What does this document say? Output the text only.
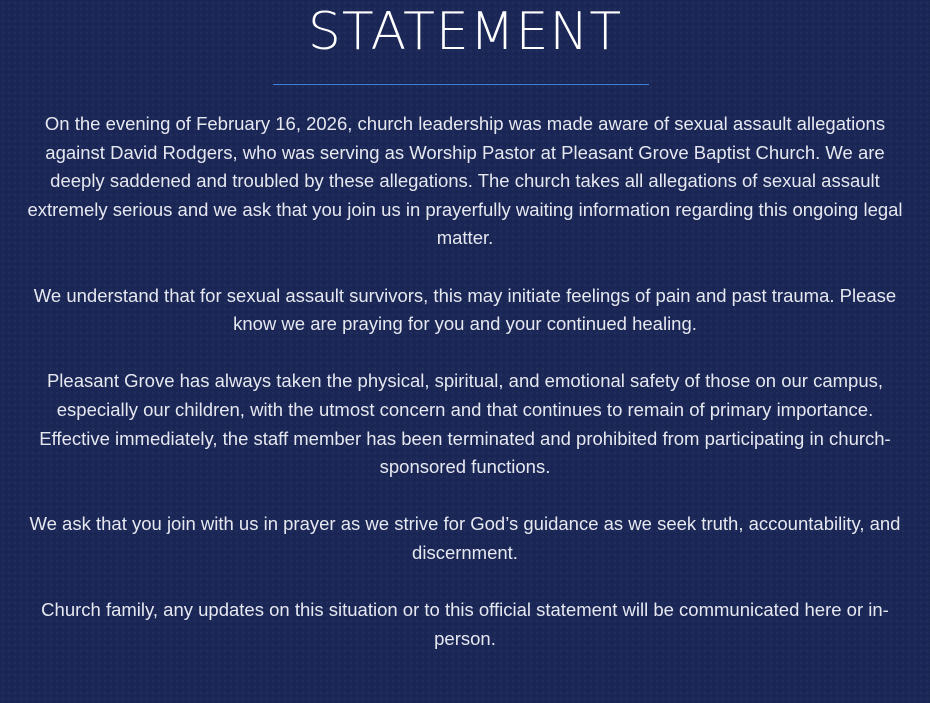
STATEMENT

On the evening of February 16, 2026, church leadership was made aware of sexual assault allegations against David Rodgers, who was serving as Worship Pastor at Pleasant Grove Baptist Church. We are deeply saddened and troubled by these allegations. The church takes all allegations of sexual assault extremely serious and we ask that you join us in prayerfully waiting information regarding this ongoing legal matter.

We understand that for sexual assault survivors, this may initiate feelings of pain and past trauma. Please know we are praying for you and your continued healing.

Pleasant Grove has always taken the physical, spiritual, and emotional safety of those on our campus, especially our children, with the utmost concern and that continues to remain of primary importance.

Effective immediately, the staff member has been terminated and prohibited from participating in church-sponsored functions.

We ask that you join with us in prayer as we strive for God’s guidance as we seek truth, accountability, and discernment.

Church family, any updates on this situation or to this official statement will be communicated here or in-person.
